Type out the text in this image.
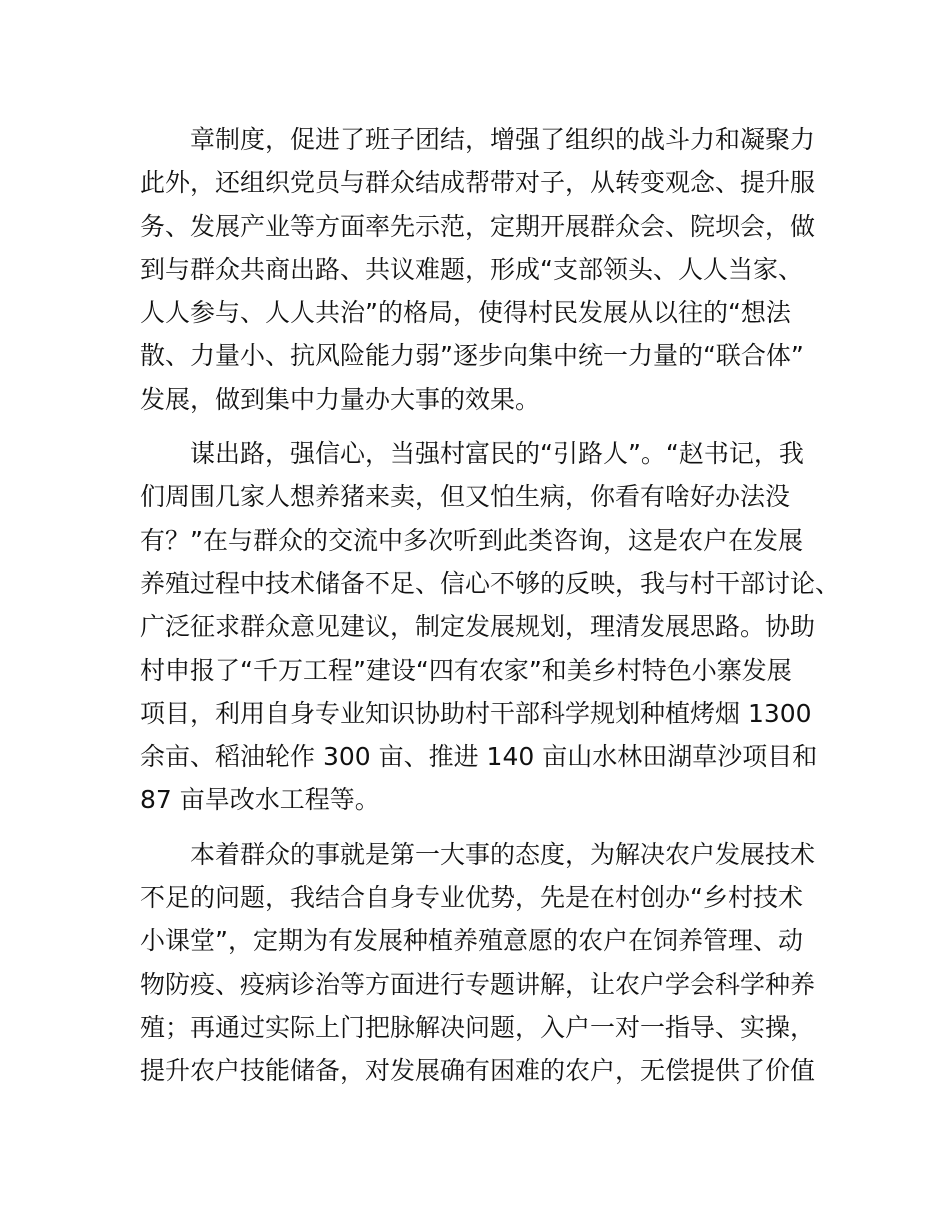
章制度，促进了班子团结，增强了组织的战斗力和凝聚力
此外，还组织党员与群众结成帮带对子，从转变观念、提升服
务、发展产业等方面率先示范，定期开展群众会、院坝会，做
到与群众共商出路、共议难题，形成“支部领头、人人当家、
人人参与、人人共治”的格局，使得村民发展从以往的“想法
散、力量小、抗风险能力弱”逐步向集中统一力量的“联合体”
发展，做到集中力量办大事的效果。
谋出路，强信心，当强村富民的“引路人”。“赵书记，我
们周围几家人想养猪来卖，但又怕生病，你看有啥好办法没
有？”在与群众的交流中多次听到此类咨询，这是农户在发展
养殖过程中技术储备不足、信心不够的反映，我与村干部讨论、
广泛征求群众意见建议，制定发展规划，理清发展思路。协助
村申报了“千万工程”建设“四有农家”和美乡村特色小寨发展
项目，利用自身专业知识协助村干部科学规划种植烤烟 1300
余亩、稻油轮作 300 亩、推进 140 亩山水林田湖草沙项目和
87 亩旱改水工程等。
本着群众的事就是第一大事的态度，为解决农户发展技术
不足的问题，我结合自身专业优势，先是在村创办“乡村技术
小课堂”，定期为有发展种植养殖意愿的农户在饲养管理、动
物防疫、疫病诊治等方面进行专题讲解，让农户学会科学种养
殖；再通过实际上门把脉解决问题，入户一对一指导、实操，
提升农户技能储备，对发展确有困难的农户，无偿提供了价值
